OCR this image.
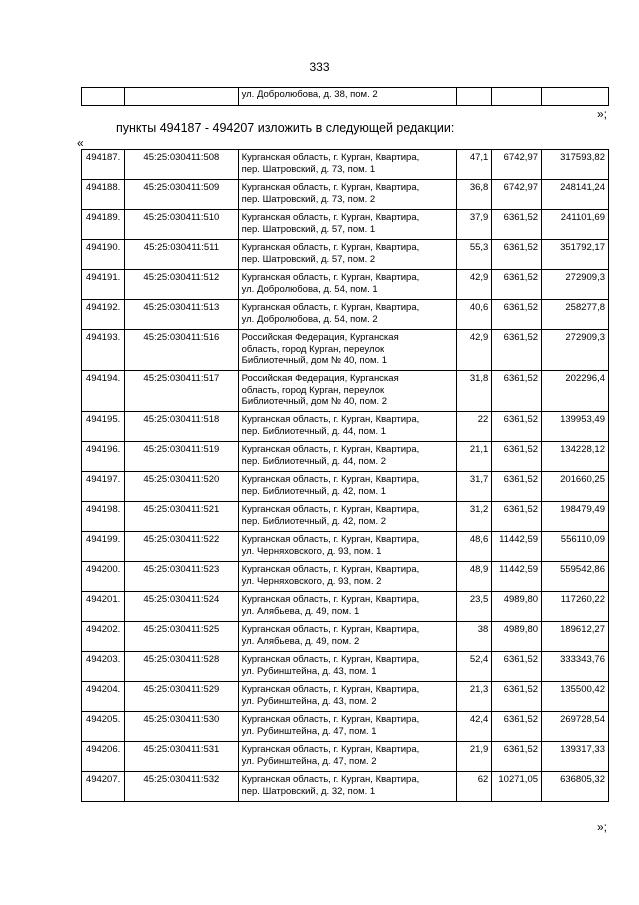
333
		ул. Добролюбова, д. 38, пом. 2			
»;
пункты 494187 - 494207 изложить в следующей редакции:
«
494187.	45:25:030411:508	Курганская область, г. Курган, Квартира,
пер. Шатровский, д. 73, пом. 1	47,1	6742,97	317593,82
494188.	45:25:030411:509	Курганская область, г. Курган, Квартира,
пер. Шатровский, д. 73, пом. 2	36,8	6742,97	248141,24
494189.	45:25:030411:510	Курганская область, г. Курган, Квартира,
пер. Шатровский, д. 57, пом. 1	37,9	6361,52	241101,69
494190.	45:25:030411:511	Курганская область, г. Курган, Квартира,
пер. Шатровский, д. 57, пом. 2	55,3	6361,52	351792,17
494191.	45:25:030411:512	Курганская область, г. Курган, Квартира,
ул. Добролюбова, д. 54, пом. 1	42,9	6361,52	272909,3
494192.	45:25:030411:513	Курганская область, г. Курган, Квартира,
ул. Добролюбова, д. 54, пом. 2	40,6	6361,52	258277,8
494193.	45:25:030411:516	Российская Федерация, Курганская
область, город Курган, переулок
Библиотечный, дом № 40, пом. 1	42,9	6361,52	272909,3
494194.	45:25:030411:517	Российская Федерация, Курганская
область, город Курган, переулок
Библиотечный, дом № 40, пом. 2	31,8	6361,52	202296,4
494195.	45:25:030411:518	Курганская область, г. Курган, Квартира,
пер. Библиотечный, д. 44, пом. 1	22	6361,52	139953,49
494196.	45:25:030411:519	Курганская область, г. Курган, Квартира,
пер. Библиотечный, д. 44, пом. 2	21,1	6361,52	134228,12
494197.	45:25:030411:520	Курганская область, г. Курган, Квартира,
пер. Библиотечный, д. 42, пом. 1	31,7	6361,52	201660,25
494198.	45:25:030411:521	Курганская область, г. Курган, Квартира,
пер. Библиотечный, д. 42, пом. 2	31,2	6361,52	198479,49
494199.	45:25:030411:522	Курганская область, г. Курган, Квартира,
ул. Черняховского, д. 93, пом. 1	48,6	11442,59	556110,09
494200.	45:25:030411:523	Курганская область, г. Курган, Квартира,
ул. Черняховского, д. 93, пом. 2	48,9	11442,59	559542,86
494201.	45:25:030411:524	Курганская область, г. Курган, Квартира,
ул. Алябьева, д. 49, пом. 1	23,5	4989,80	117260,22
494202.	45:25:030411:525	Курганская область, г. Курган, Квартира,
ул. Алябьева, д. 49, пом. 2	38	4989,80	189612,27
494203.	45:25:030411:528	Курганская область, г. Курган, Квартира,
ул. Рубинштейна, д. 43, пом. 1	52,4	6361,52	333343,76
494204.	45:25:030411:529	Курганская область, г. Курган, Квартира,
ул. Рубинштейна, д. 43, пом. 2	21,3	6361,52	135500,42
494205.	45:25:030411:530	Курганская область, г. Курган, Квартира,
ул. Рубинштейна, д. 47, пом. 1	42,4	6361,52	269728,54
494206.	45:25:030411:531	Курганская область, г. Курган, Квартира,
ул. Рубинштейна, д. 47, пом. 2	21,9	6361,52	139317,33
494207.	45:25:030411:532	Курганская область, г. Курган, Квартира,
пер. Шатровский, д. 32, пом. 1	62	10271,05	636805,32
»;
